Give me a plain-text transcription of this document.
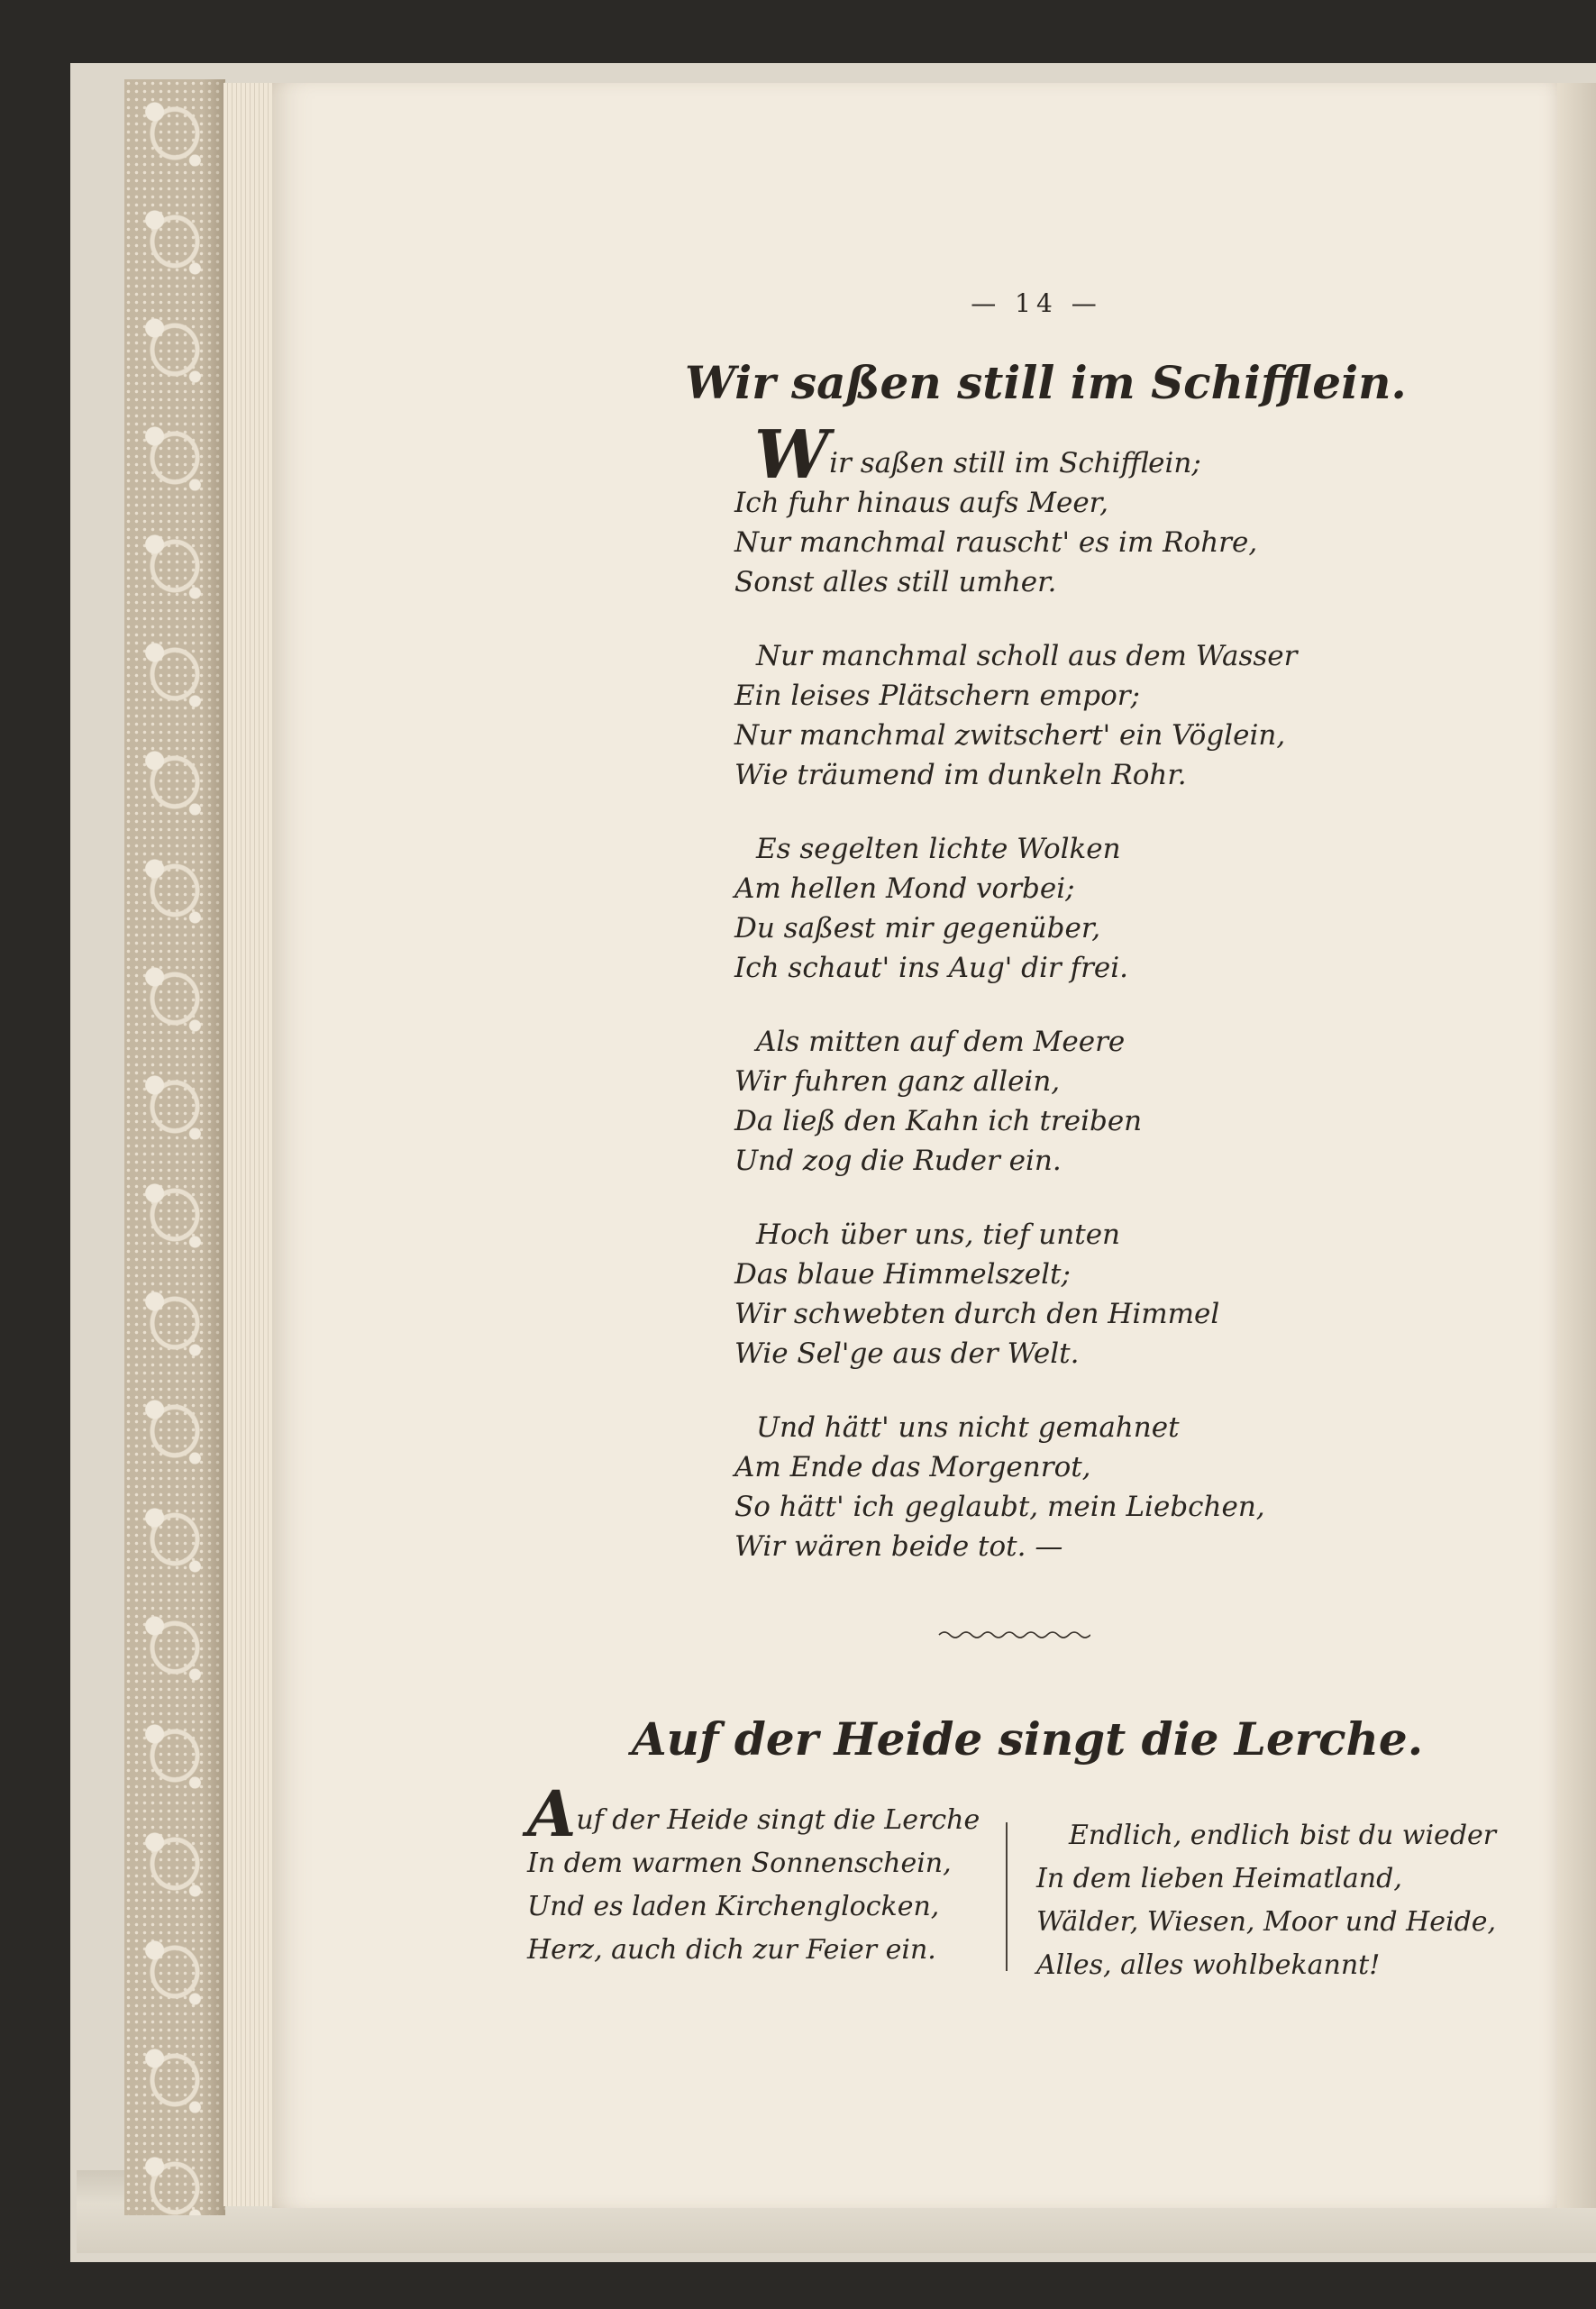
— 14 —
Wir saßen still im Schifflein.
Wir saßen still im Schifflein;
Ich fuhr hinaus aufs Meer,
Nur manchmal rauscht' es im Rohre,
Sonst alles still umher.
Nur manchmal scholl aus dem Wasser
Ein leises Plätschern empor;
Nur manchmal zwitschert' ein Vöglein,
Wie träumend im dunkeln Rohr.
Es segelten lichte Wolken
Am hellen Mond vorbei;
Du saßest mir gegenüber,
Ich schaut' ins Aug' dir frei.
Als mitten auf dem Meere
Wir fuhren ganz allein,
Da ließ den Kahn ich treiben
Und zog die Ruder ein.
Hoch über uns, tief unten
Das blaue Himmelszelt;
Wir schwebten durch den Himmel
Wie Sel'ge aus der Welt.
Und hätt' uns nicht gemahnet
Am Ende das Morgenrot,
So hätt' ich geglaubt, mein Liebchen,
Wir wären beide tot. —
Auf der Heide singt die Lerche.
Auf der Heide singt die Lerche
In dem warmen Sonnenschein,
Und es laden Kirchenglocken,
Herz, auch dich zur Feier ein.
Endlich, endlich bist du wieder
In dem lieben Heimatland,
Wälder, Wiesen, Moor und Heide,
Alles, alles wohlbekannt!
